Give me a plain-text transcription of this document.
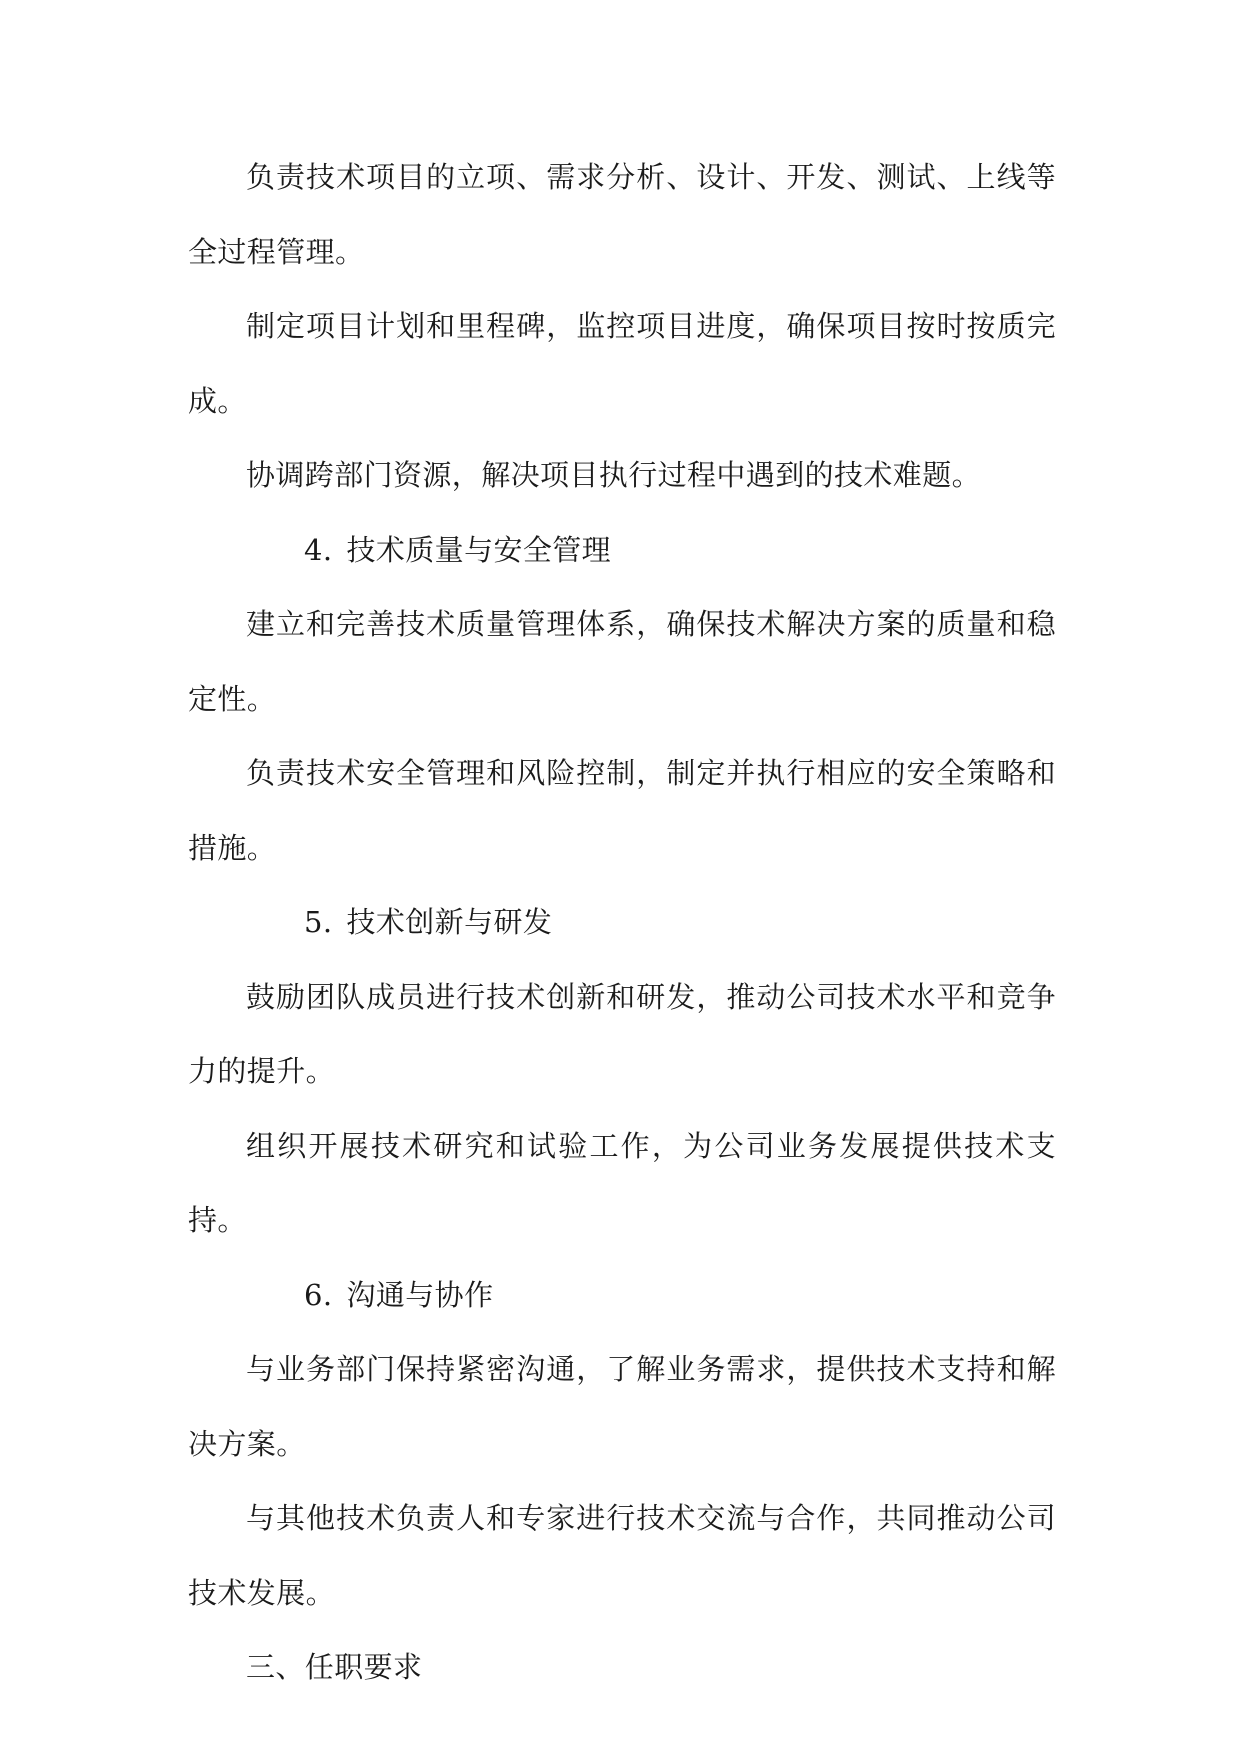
负责技术项目的立项、需求分析、设计、开发、测试、上线等全过程管理。

制定项目计划和里程碑，监控项目进度，确保项目按时按质完成。

协调跨部门资源，解决项目执行过程中遇到的技术难题。

4. 技术质量与安全管理

建立和完善技术质量管理体系，确保技术解决方案的质量和稳定性。

负责技术安全管理和风险控制，制定并执行相应的安全策略和措施。

5. 技术创新与研发

鼓励团队成员进行技术创新和研发，推动公司技术水平和竞争力的提升。

组织开展技术研究和试验工作，为公司业务发展提供技术支持。

6. 沟通与协作

与业务部门保持紧密沟通，了解业务需求，提供技术支持和解决方案。

与其他技术负责人和专家进行技术交流与合作，共同推动公司技术发展。

三、任职要求
